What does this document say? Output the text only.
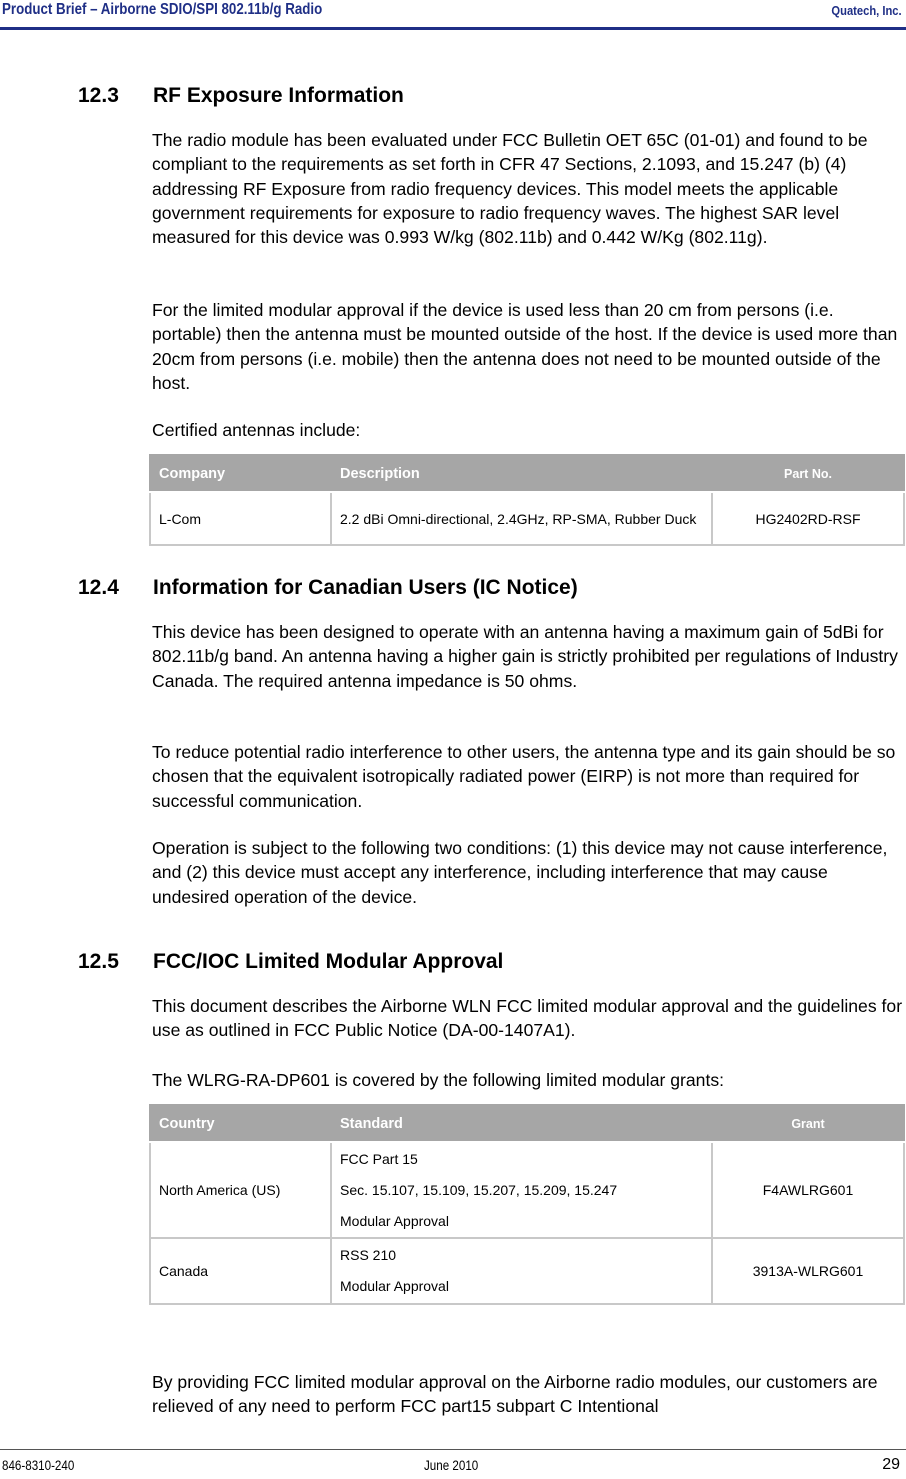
Product Brief – Airborne SDIO/SPI 802.11b/g Radio	Quatech, Inc.
12.3 RF Exposure Information

The radio module has been evaluated under FCC Bulletin OET 65C (01-01) and found to be compliant to the requirements as set forth in CFR 47 Sections, 2.1093, and 15.247 (b) (4) addressing RF Exposure from radio frequency devices. This model meets the applicable government requirements for exposure to radio frequency waves. The highest SAR level measured for this device was 0.993 W/kg (802.11b) and 0.442 W/Kg (802.11g).

For the limited modular approval if the device is used less than 20 cm from persons (i.e. portable) then the antenna must be mounted outside of the host. If the device is used more than 20cm from persons (i.e. mobile) then the antenna does not need to be mounted outside of the host.

Certified antennas include:

Company	Description	Part No.
L-Com	2.2 dBi Omni-directional, 2.4GHz, RP-SMA, Rubber Duck	HG2402RD-RSF
12.4 Information for Canadian Users (IC Notice)

This device has been designed to operate with an antenna having a maximum gain of 5dBi for 802.11b/g band. An antenna having a higher gain is strictly prohibited per regulations of Industry Canada. The required antenna impedance is 50 ohms.

To reduce potential radio interference to other users, the antenna type and its gain should be so chosen that the equivalent isotropically radiated power (EIRP) is not more than required for successful communication.

Operation is subject to the following two conditions: (1) this device may not cause interference, and (2) this device must accept any interference, including interference that may cause undesired operation of the device.

12.5 FCC/IOC Limited Modular Approval

This document describes the Airborne WLN FCC limited modular approval and the guidelines for use as outlined in FCC Public Notice (DA-00-1407A1).

The WLRG-RA-DP601 is covered by the following limited modular grants:

Country	Standard	Grant
North America (US)	FCC Part 15
Sec. 15.107, 15.109, 15.207, 15.209, 15.247
Modular Approval	F4AWLRG601
Canada	RSS 210
Modular Approval	3913A-WLRG601

By providing FCC limited modular approval on the Airborne radio modules, our customers are relieved of any need to perform FCC part15 subpart C Intentional

846-8310-240	June 2010	29
